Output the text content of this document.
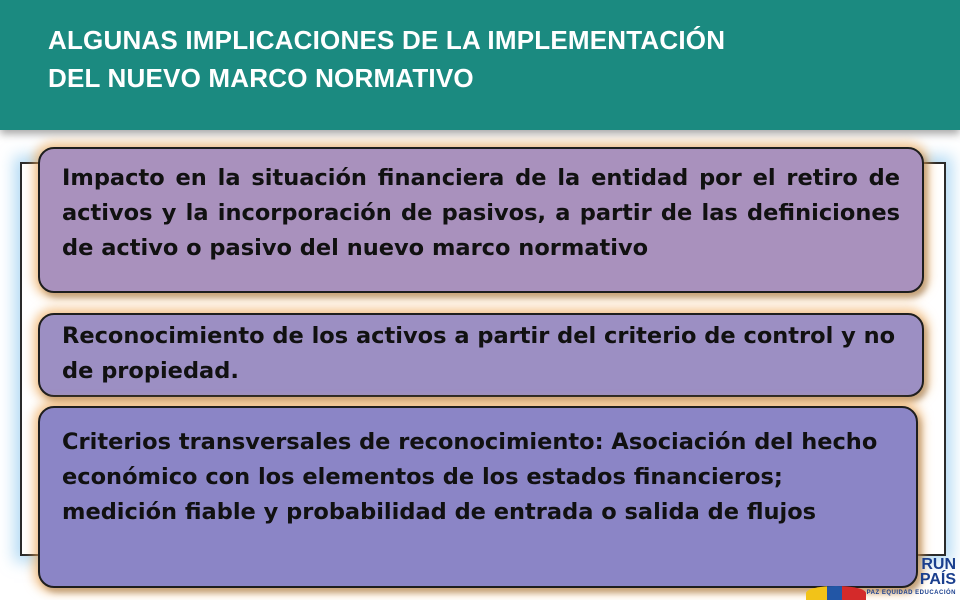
ALGUNAS IMPLICACIONES DE LA IMPLEMENTACIÓN
DEL NUEVO MARCO NORMATIVO
Impacto en la situación financiera de la entidad por el retiro de activos y la incorporación de pasivos, a partir de las definiciones de activo o pasivo del nuevo marco normativo
Reconocimiento de los activos a partir del criterio de control y no de propiedad.
Criterios transversales de reconocimiento: Asociación del hecho económico con los elementos de los estados financieros; medición fiable y probabilidad de entrada o salida de flujos
RUN
PAÍS
PAZ EQUIDAD EDUCACIÓN
